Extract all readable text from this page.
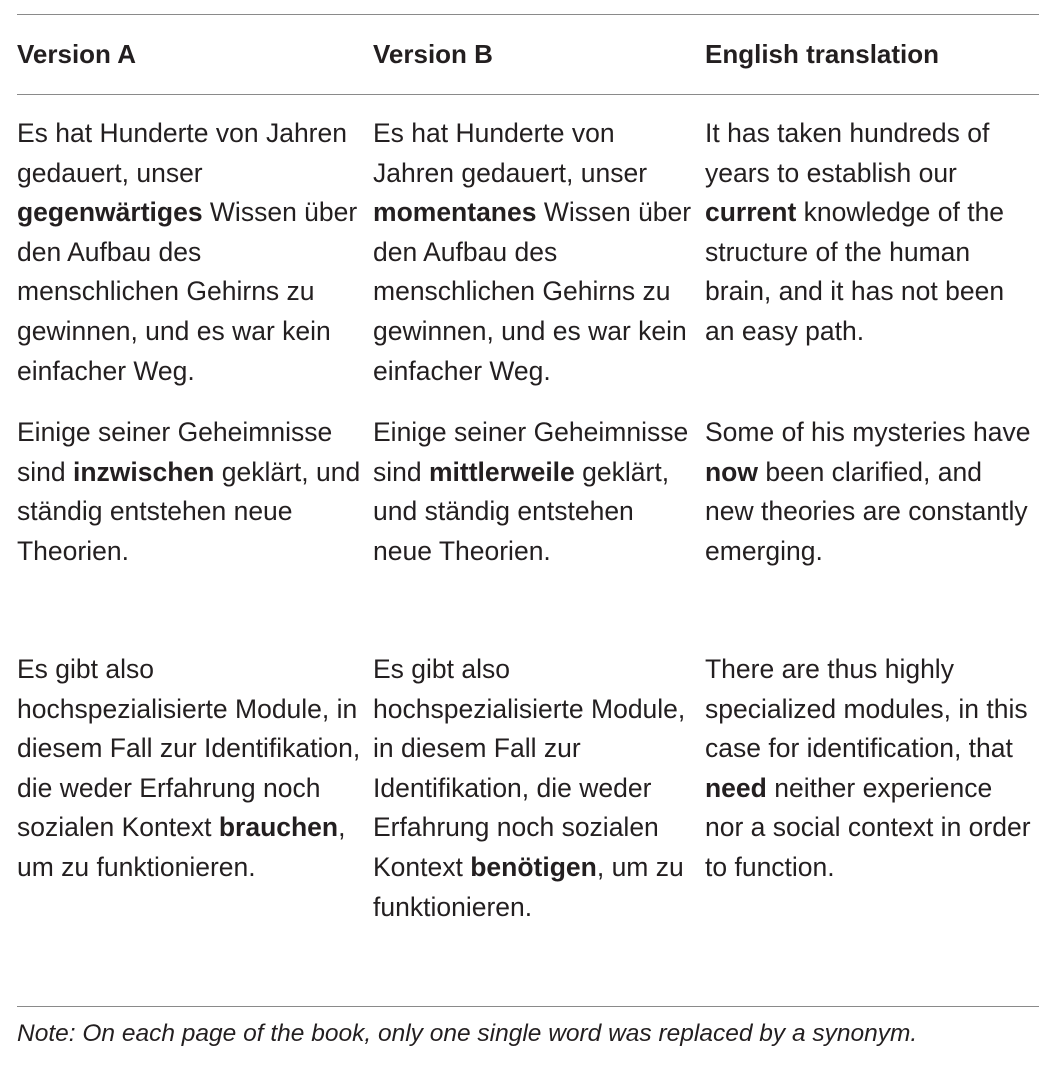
Version A	Version B	English translation
Es hat Hunderte von Jahren gedauert, unser gegenwärtiges Wissen über den Aufbau des menschlichen Gehirns zu gewinnen, und es war kein einfacher Weg.
Es hat Hunderte von Jahren gedauert, unser momentanes Wissen über den Aufbau des menschlichen Gehirns zu gewinnen, und es war kein einfacher Weg.
It has taken hundreds of years to establish our current knowledge of the structure of the human brain, and it has not been an easy path.
Einige seiner Geheimnisse sind inzwischen geklärt, und ständig entstehen neue Theorien.
Einige seiner Geheimnisse sind mittlerweile geklärt, und ständig entstehen neue Theorien.
Some of his mysteries have now been clarified, and new theories are constantly emerging.
Es gibt also hochspezialisierte Module, in diesem Fall zur Identifikation, die weder Erfahrung noch sozialen Kontext brauchen, um zu funktionieren.
Es gibt also hochspezialisierte Module, in diesem Fall zur Identifikation, die weder Erfahrung noch sozialen Kontext benötigen, um zu funktionieren.
There are thus highly specialized modules, in this case for identification, that need neither experience nor a social context in order to function.
Note: On each page of the book, only one single word was replaced by a synonym.
